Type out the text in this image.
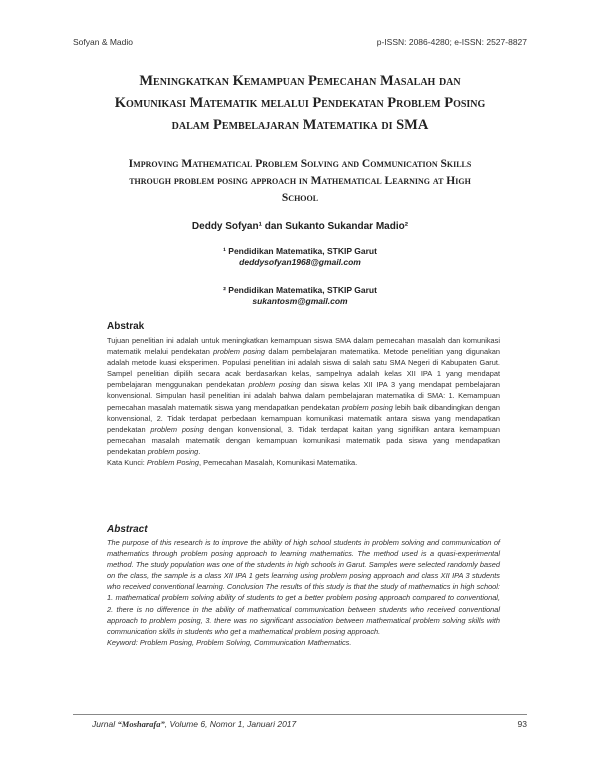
Sofyan & Madio	p-ISSN: 2086-4280; e-ISSN: 2527-8827
Meningkatkan Kemampuan Pemecahan Masalah dan
Komunikasi Matematik melalui Pendekatan Problem Posing
dalam Pembelajaran Matematika di SMA
Improving Mathematical Problem Solving and Communication Skills
through problem posing approach in Mathematical Learning at High
School
Deddy Sofyan¹ dan Sukanto Sukandar Madio²
¹ Pendidikan Matematika, STKIP Garut
deddysofyan1968@gmail.com
² Pendidikan Matematika, STKIP Garut
sukantosm@gmail.com
Abstrak
Tujuan penelitian ini adalah untuk meningkatkan kemampuan siswa SMA dalam pemecahan masalah dan komunikasi matematik melalui pendekatan problem posing dalam pembelajaran matematika. Metode penelitian yang digunakan adalah metode kuasi eksperimen. Populasi penelitian ini adalah siswa di salah satu SMA Negeri di Kabupaten Garut. Sampel penelitian dipilih secara acak berdasarkan kelas, sampelnya adalah kelas XII IPA 1 yang mendapat pembelajaran menggunakan pendekatan problem posing dan siswa kelas XII IPA 3 yang mendapat pembelajaran konvensional. Simpulan hasil penelitian ini adalah bahwa dalam pembelajaran matematika di SMA: 1. Kemampuan pemecahan masalah matematik siswa yang mendapatkan pendekatan problem posing lebih baik dibandingkan dengan konvensional, 2. Tidak terdapat perbedaan kemampuan komunikasi matematik antara siswa yang mendapatkan pendekatan problem posing dengan konvensional, 3. Tidak terdapat kaitan yang signifikan antara kemampuan pemecahan masalah matematik dengan kemampuan komunikasi matematik pada siswa yang mendapatkan pendekatan problem posing.
Kata Kunci: Problem Posing, Pemecahan Masalah, Komunikasi Matematika.
Abstract
The purpose of this research is to improve the ability of high school students in problem solving and communication of mathematics through problem posing approach to learning mathematics. The method used is a quasi-experimental method. The study population was one of the students in high schools in Garut. Samples were selected randomly based on the class, the sample is a class XII IPA 1 gets learning using problem posing approach and class XII IPA 3 students who received conventional learning. Conclusion The results of this study is that the study of mathematics in high school: 1. mathematical problem solving ability of students to get a better problem posing approach compared to conventional, 2. there is no difference in the ability of mathematical communication between students who received conventional approach to problem posing, 3. there was no significant association between mathematical problem solving skills with communication skills in students who get a mathematical problem posing approach.
Keyword: Problem Posing, Problem Solving, Communication Mathematics.
Jurnal “Mosharafa”, Volume 6, Nomor 1, Januari 2017	93
